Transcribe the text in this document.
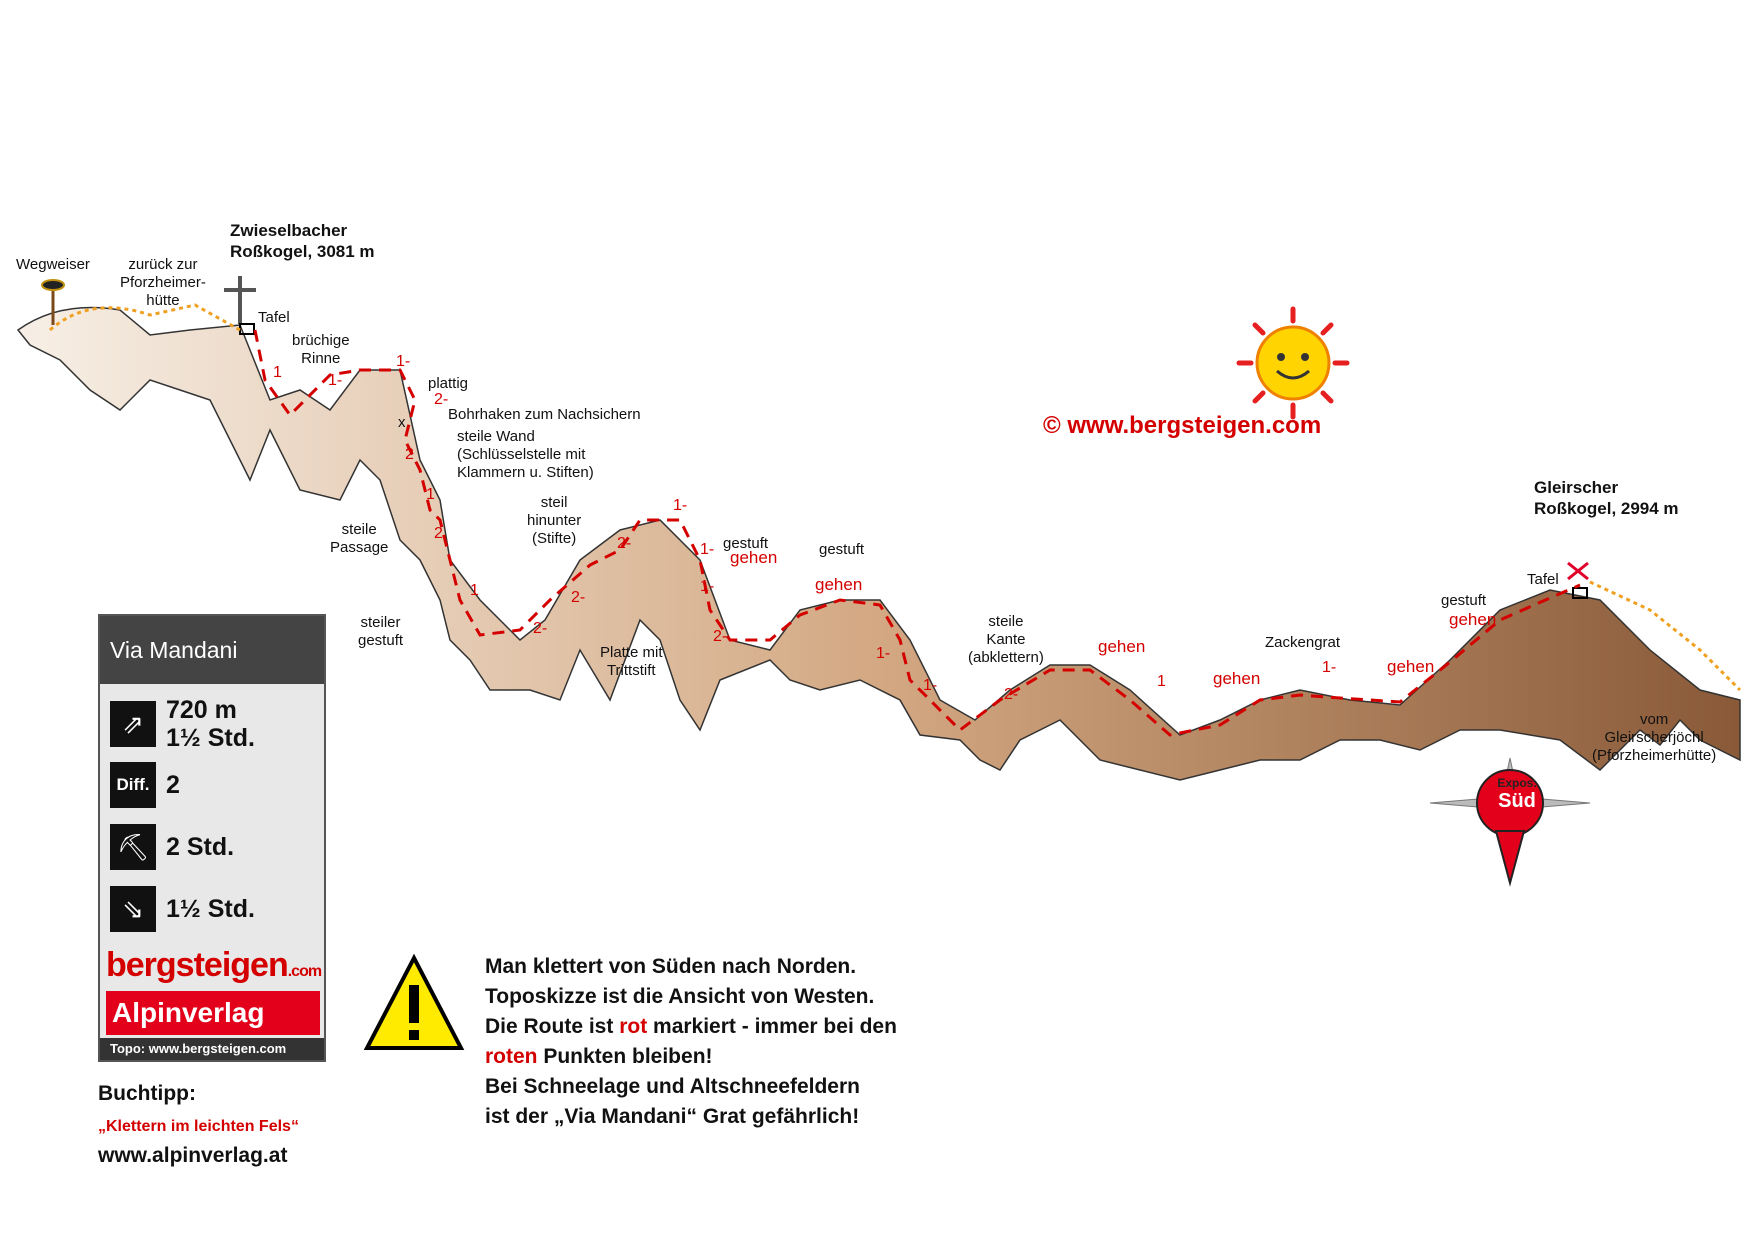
Zwieselbacher
Roßkogel, 3081 m
Gleirscher
Roßkogel, 2994 m
Wegweiser	zurück zur
Pforzheimer-
hütte
Tafel
brüchige
Rinne
plattig
Bohrhaken zum Nachsichern
steile Wand
(Schlüsselstelle mit
Klammern u. Stiften)
x
steile
Passage
steiler
gestuft
steil
hinunter
(Stifte)
Platte mit
Trittstift
gestuft	gestuft
steile
Kante
(abklettern)
Zackengrat
gestuft
Tafel
vom
Gleirscherjöchl
(Pforzheimerhütte)
1	1-
1-
2-
2
1
2
1
2-
2-
2-
1-
1-
1-
2-
1-
1-
2-
1
1-
gehen
gehen
gehen
gehen
gehen
gehen
© www.bergsteigen.com
Via Mandani
⇗ 720 m
1½ Std.
Diff. 2
⛏ 2 Std.
⇘ 1½ Std.
bergsteigen.com
Alpinverlag
Topo: www.bergsteigen.com
Buchtipp:
„Klettern im leichten Fels“
www.alpinverlag.at
Man klettert von Süden nach Norden.
Toposkizze ist die Ansicht von Westen.
Die Route ist rot markiert - immer bei den
roten Punkten bleiben!
Bei Schneelage und Altschneefeldern
ist der „Via Mandani“ Grat gefährlich!
Expos.
Süd
